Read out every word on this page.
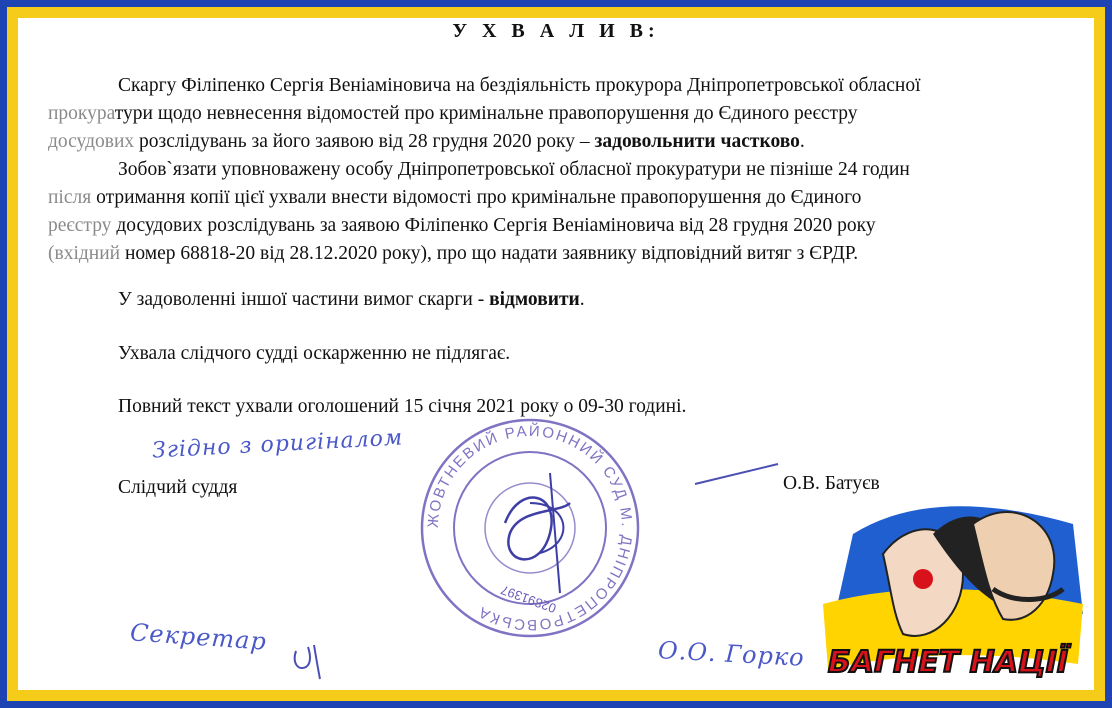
У Х В А Л И В:
Скаргу Філіпенко Сергія Веніаміновича на бездіяльність прокурора Дніпропетровської обласної
прокуратури щодо невнесення відомостей про кримінальне правопорушення до Єдиного реєстру
досудових розслідувань за його заявою від 28 грудня 2020 року – задовольнити частково.
Зобов`язати уповноважену особу Дніпропетровської обласної прокуратури не пізніше 24 годин
після отримання копії цієї ухвали внести відомості про кримінальне правопорушення до Єдиного
реєстру досудових розслідувань за заявою Філіпенко Сергія Веніаміновича від 28 грудня 2020 року
(вхідний номер 68818-20 від 28.12.2020 року), про що надати заявнику відповідний витяг з ЄРДР.
У задоволенні іншої частини вимог скарги - відмовити.
Ухвала слідчого судді оскарженню не підлягає.
Повний текст ухвали оголошений 15 січня 2021 року о 09-30 годині.
Слідчий суддя	О.В. Батуєв
Згідно з оригіналом
Секретар	О.О. Горко
ЖОВТНЕВИЙ РАЙОННИЙ СУД М. ДНІПРОПЕТРОВСЬКА 02891397
БАГНЕТ НАЦІЇ
